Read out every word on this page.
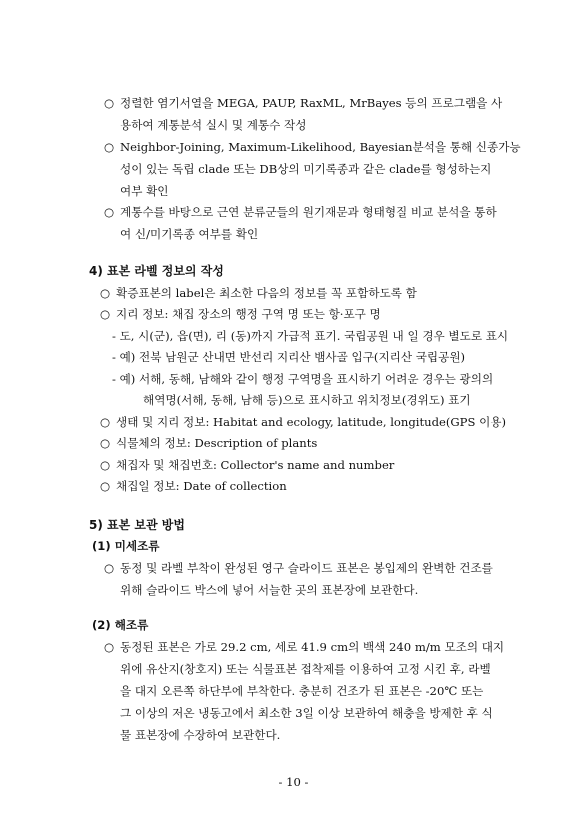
○ 정렬한 염기서열을 MEGA, PAUP, RaxML, MrBayes 등의 프로그램을 사
용하여 계통분석 실시 및 계통수 작성
○ Neighbor-Joining, Maximum-Likelihood, Bayesian분석을 통해 신종가능
성이 있는 독립 clade 또는 DB상의 미기록종과 같은 clade를 형성하는지
여부 확인
○ 계통수를 바탕으로 근연 분류군들의 원기재문과 형태형질 비교 분석을 통하
여 신/미기록종 여부를 확인
4) 표본 라벨 정보의 작성
○ 확증표본의 label은 최소한 다음의 정보를 꼭 포함하도록 함
○ 지리 정보: 채집 장소의 행정 구역 명 또는 항·포구 명
- 도, 시(군), 읍(면), 리 (동)까지 가급적 표기. 국립공원 내 일 경우 별도로 표시
- 예) 전북 남원군 산내면 반선리 지리산 뱀사골 입구(지리산 국립공원)
- 예) 서해, 동해, 남해와 같이 행정 구역명을 표시하기 어려운 경우는 광의의
해역명(서해, 동해, 남해 등)으로 표시하고 위치정보(경위도) 표기
○ 생태 및 지리 정보: Habitat and ecology, latitude, longitude(GPS 이용)
○ 식물체의 정보: Description of plants
○ 채집자 및 채집번호: Collector's name and number
○ 채집일 정보: Date of collection
5) 표본 보관 방법
(1) 미세조류
○ 동정 및 라벨 부착이 완성된 영구 슬라이드 표본은 봉입제의 완벽한 건조를
위해 슬라이드 박스에 넣어 서늘한 곳의 표본장에 보관한다.
(2) 해조류
○ 동정된 표본은 가로 29.2 cm, 세로 41.9 cm의 백색 240 m/m 모조의 대지
위에 유산지(창호지) 또는 식물표본 접착제를 이용하여 고정 시킨 후, 라벨
을 대지 오른쪽 하단부에 부착한다. 충분히 건조가 된 표본은 -20℃ 또는
그 이상의 저온 냉동고에서 최소한 3일 이상 보관하여 해충을 방제한 후 식
물 표본장에 수장하여 보관한다.
- 10 -
